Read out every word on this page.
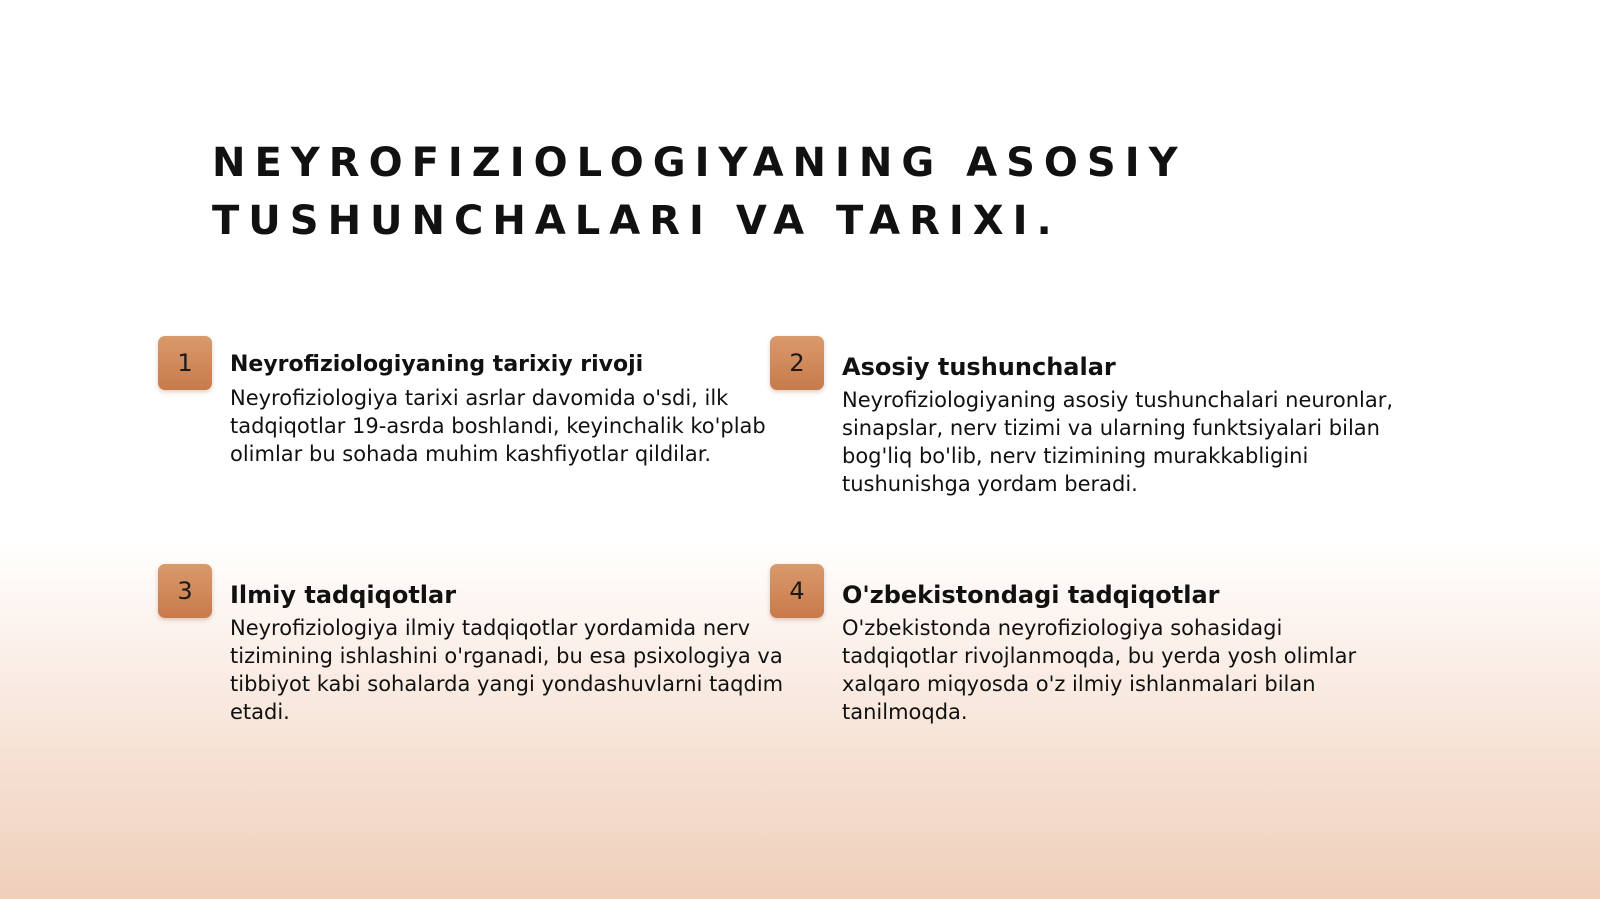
NEYROFIZIOLOGIYANING ASOSIY TUSHUNCHALARI VA TARIXI.
1	Neyrofiziologiyaning tarixiy rivoji

Neyrofiziologiya tarixi asrlar davomida o'sdi, ilk tadqiqotlar 19-asrda boshlandi, keyinchalik ko'plab olimlar bu sohada muhim kashfiyotlar qildilar.

2	Asosiy tushunchalar

Neyrofiziologiyaning asosiy tushunchalari neuronlar, sinapslar, nerv tizimi va ularning funktsiyalari bilan bog'liq bo'lib, nerv tizimining murakkabligini tushunishga yordam beradi.

3	Ilmiy tadqiqotlar

Neyrofiziologiya ilmiy tadqiqotlar yordamida nerv tizimining ishlashini o'rganadi, bu esa psixologiya va tibbiyot kabi sohalarda yangi yondashuvlarni taqdim etadi.

4	O'zbekistondagi tadqiqotlar

O'zbekistonda neyrofiziologiya sohasidagi tadqiqotlar rivojlanmoqda, bu yerda yosh olimlar xalqaro miqyosda o'z ilmiy ishlanmalari bilan tanilmoqda.
